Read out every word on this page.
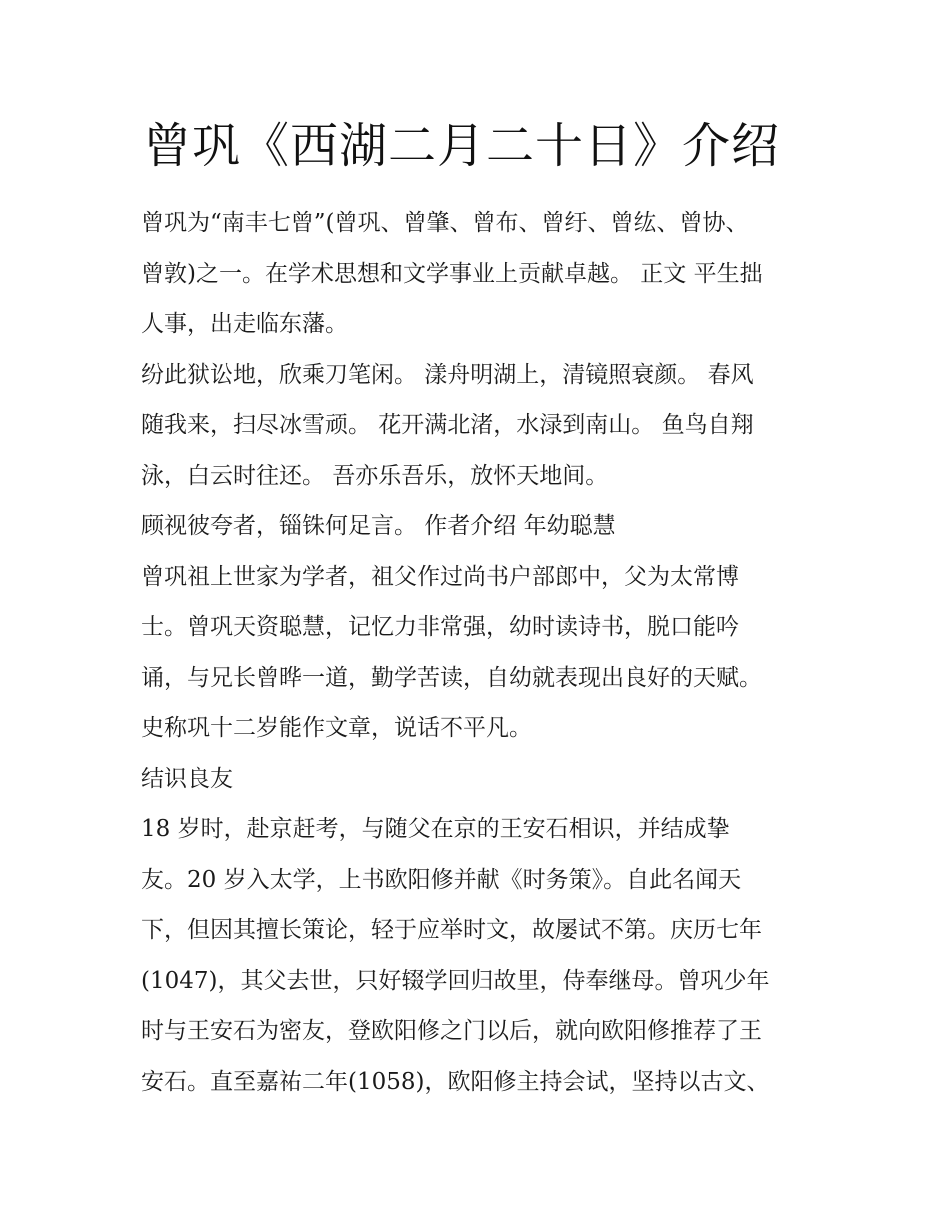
曾巩《西湖二月二十日》介绍

曾巩为“南丰七曾”(曾巩、曾肇、曾布、曾纡、曾纮、曾协、

曾敦)之一。在学术思想和文学事业上贡献卓越。 正文 平生拙

人事，出走临东藩。

纷此狱讼地，欣乘刀笔闲。 漾舟明湖上，清镜照衰颜。 春风

随我来，扫尽冰雪顽。 花开满北渚，水渌到南山。 鱼鸟自翔

泳，白云时往还。 吾亦乐吾乐，放怀天地间。

顾视彼夸者，锱铢何足言。 作者介绍 年幼聪慧

曾巩祖上世家为学者，祖父作过尚书户部郎中，父为太常博

士。曾巩天资聪慧，记忆力非常强，幼时读诗书，脱口能吟

诵，与兄长曾晔一道，勤学苦读，自幼就表现出良好的天赋。

史称巩十二岁能作文章，说话不平凡。

结识良友

18 岁时，赴京赶考，与随父在京的王安石相识，并结成挚

友。20 岁入太学，上书欧阳修并献《时务策》。自此名闻天

下，但因其擅长策论，轻于应举时文，故屡试不第。庆历七年

(1047)，其父去世，只好辍学回归故里，侍奉继母。曾巩少年

时与王安石为密友，登欧阳修之门以后，就向欧阳修推荐了王

安石。直至嘉祐二年(1058)，欧阳修主持会试，坚持以古文、
